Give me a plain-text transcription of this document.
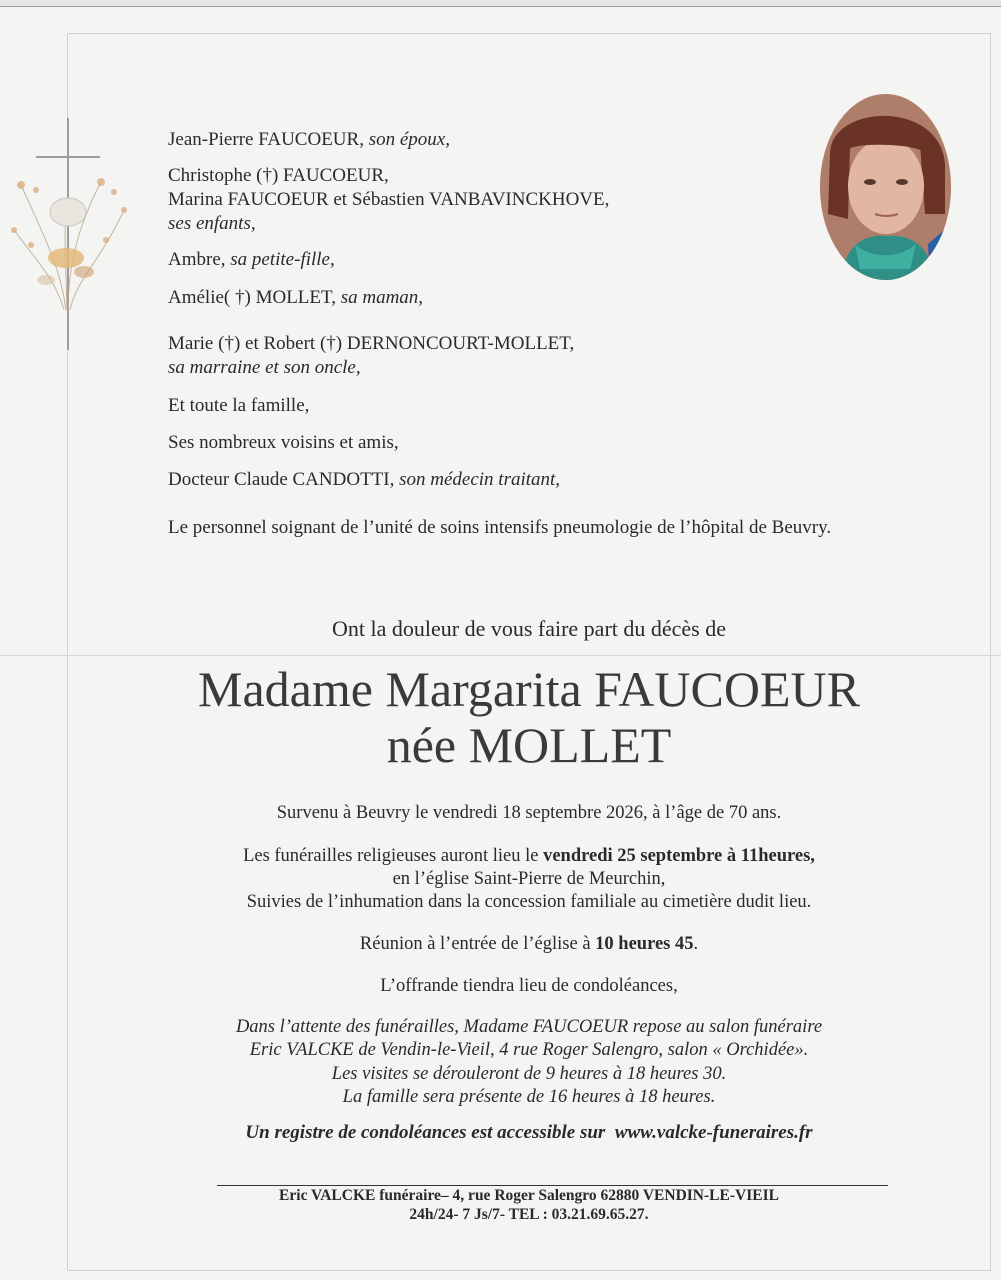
Jean-Pierre FAUCOEUR, son époux,
Christophe (†) FAUCOEUR,
Marina FAUCOEUR et Sébastien VANBAVINCKHOVE,
ses enfants,
Ambre, sa petite-fille,
Amélie( †) MOLLET, sa maman,
Marie (†) et Robert (†) DERNONCOURT-MOLLET,
sa marraine et son oncle,
Et toute la famille,
Ses nombreux voisins et amis,
Docteur Claude CANDOTTI, son médecin traitant,
Le personnel soignant de l’unité de soins intensifs pneumologie de l’hôpital de Beuvry.
Ont la douleur de vous faire part du décès de
Madame Margarita FAUCOEUR
née MOLLET
Survenu à Beuvry le vendredi 18 septembre 2026, à l’âge de 70 ans.
Les funérailles religieuses auront lieu le vendredi 25 septembre à 11heures,
en l’église Saint-Pierre de Meurchin,
Suivies de l’inhumation dans la concession familiale au cimetière dudit lieu.
Réunion à l’entrée de l’église à 10 heures 45.
L’offrande tiendra lieu de condoléances,
Dans l’attente des funérailles, Madame FAUCOEUR repose au salon funéraire
Eric VALCKE de Vendin-le-Vieil, 4 rue Roger Salengro, salon « Orchidée».
Les visites se dérouleront de 9 heures à 18 heures 30.
La famille sera présente de 16 heures à 18 heures.
Un registre de condoléances est accessible sur  www.valcke-funeraires.fr
Eric VALCKE funéraire– 4, rue Roger Salengro 62880 VENDIN-LE-VIEIL
24h/24- 7 Js/7- TEL : 03.21.69.65.27.
